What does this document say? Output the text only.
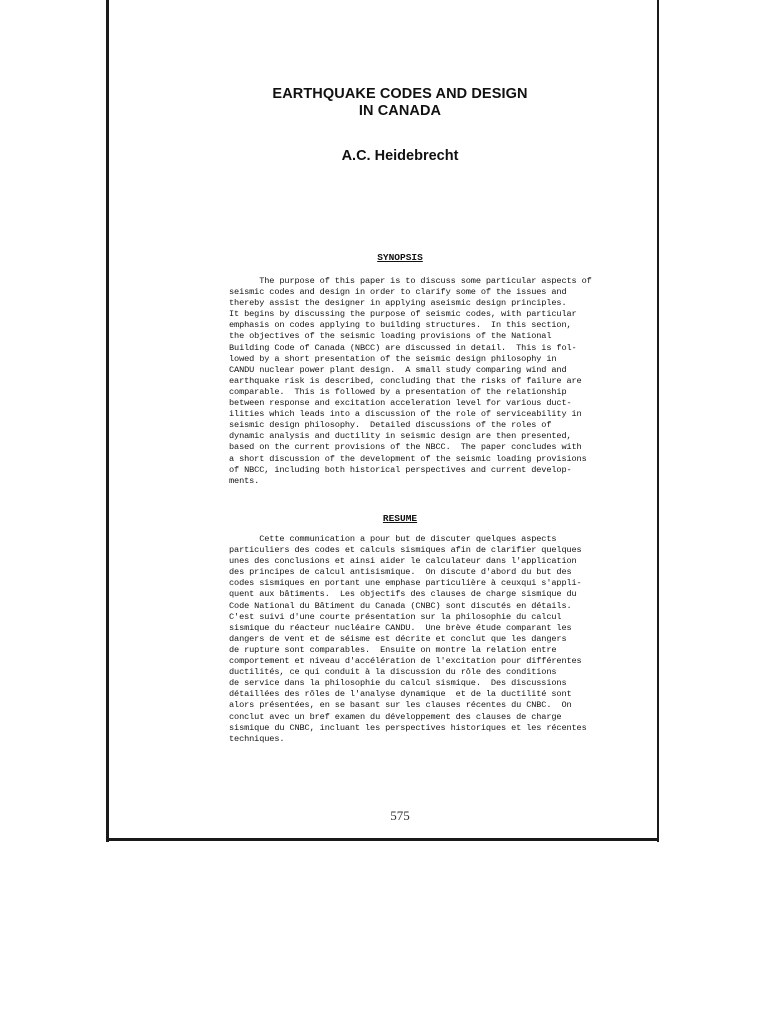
EARTHQUAKE CODES AND DESIGN
IN CANADA
A.C. Heidebrecht
SYNOPSIS
The purpose of this paper is to discuss some particular aspects of
seismic codes and design in order to clarify some of the issues and
thereby assist the designer in applying aseismic design principles.
It begins by discussing the purpose of seismic codes, with particular
emphasis on codes applying to building structures.  In this section,
the objectives of the seismic loading provisions of the National
Building Code of Canada (NBCC) are discussed in detail.  This is fol-
lowed by a short presentation of the seismic design philosophy in
CANDU nuclear power plant design.  A small study comparing wind and
earthquake risk is described, concluding that the risks of failure are
comparable.  This is followed by a presentation of the relationship
between response and excitation acceleration level for various duct-
ilities which leads into a discussion of the role of serviceability in
seismic design philosophy.  Detailed discussions of the roles of
dynamic analysis and ductility in seismic design are then presented,
based on the current provisions of the NBCC.  The paper concludes with
a short discussion of the development of the seismic loading provisions
of NBCC, including both historical perspectives and current develop-
ments.
RESUME
Cette communication a pour but de discuter quelques aspects
particuliers des codes et calculs sismiques afin de clarifier quelques
unes des conclusions et ainsi aider le calculateur dans l'application
des principes de calcul antisismique.  On discute d'abord du but des
codes sismiques en portant une emphase particulière à ceuxqui s'appli-
quent aux bâtiments.  Les objectifs des clauses de charge sismique du
Code National du Bâtiment du Canada (CNBC) sont discutés en détails.
C'est suivi d'une courte présentation sur la philosophie du calcul
sismique du réacteur nucléaire CANDU.  Une brève étude comparant les
dangers de vent et de séisme est décrite et conclut que les dangers
de rupture sont comparables.  Ensuite on montre la relation entre
comportement et niveau d'accélération de l'excitation pour différentes
ductilités, ce qui conduit à la discussion du rôle des conditions
de service dans la philosophie du calcul sismique.  Des discussions
détaillées des rôles de l'analyse dynamique  et de la ductilité sont
alors présentées, en se basant sur les clauses récentes du CNBC.  On
conclut avec un bref examen du développement des clauses de charge
sismique du CNBC, incluant les perspectives historiques et les récentes
techniques.
575
